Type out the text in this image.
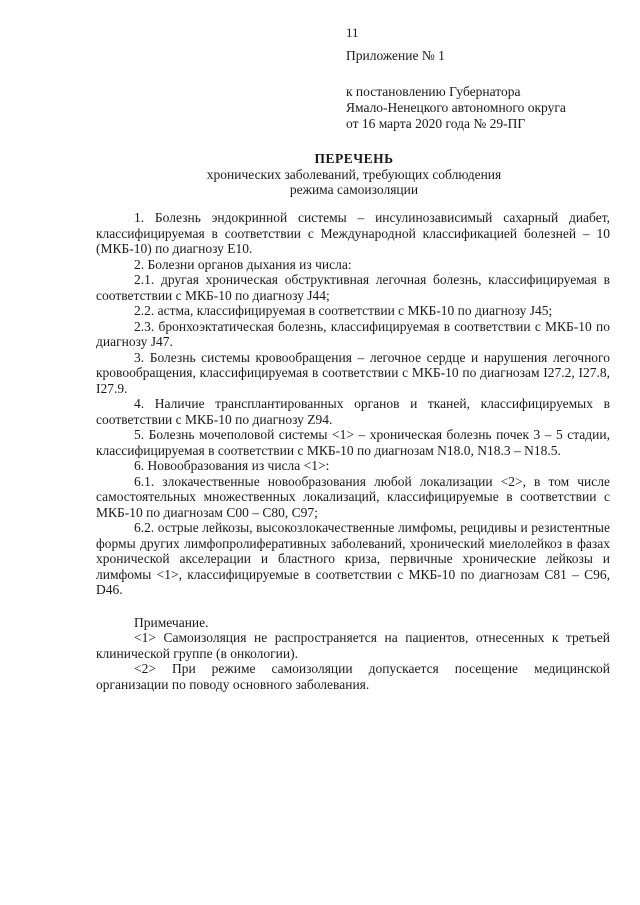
11
Приложение № 1
к постановлению Губернатора
Ямало-Ненецкого автономного округа
от 16 марта 2020 года № 29-ПГ
ПЕРЕЧЕНЬ
хронических заболеваний, требующих соблюдения
режима самоизоляции

1. Болезнь эндокринной системы – инсулинозависимый сахарный диабет, классифицируемая в соответствии с Международной классификацией болезней – 10 (МКБ-10) по диагнозу E10.

2. Болезни органов дыхания из числа:

2.1. другая хроническая обструктивная легочная болезнь, классифицируемая в соответствии с МКБ-10 по диагнозу J44;

2.2. астма, классифицируемая в соответствии с МКБ-10 по диагнозу J45;

2.3. бронхоэктатическая болезнь, классифицируемая в соответствии с МКБ-10 по диагнозу J47.

3. Болезнь системы кровообращения – легочное сердце и нарушения легочного кровообращения, классифицируемая в соответствии с МКБ-10 по диагнозам I27.2, I27.8, I27.9.

4. Наличие трансплантированных органов и тканей, классифицируемых в соответствии с МКБ-10 по диагнозу Z94.

5. Болезнь мочеполовой системы <1> – хроническая болезнь почек 3 – 5 стадии, классифицируемая в соответствии с МКБ-10 по диагнозам N18.0, N18.3 – N18.5.

6. Новообразования из числа <1>:

6.1. злокачественные новообразования любой локализации <2>, в том числе самостоятельных множественных локализаций, классифицируемые в соответствии с МКБ-10 по диагнозам C00 – C80, C97;

6.2. острые лейкозы, высокозлокачественные лимфомы, рецидивы и резистентные формы других лимфопролиферативных заболеваний, хронический миелолейкоз в фазах хронической акселерации и бластного криза, первичные хронические лейкозы и лимфомы <1>, классифицируемые в соответствии с МКБ-10 по диагнозам C81 – C96, D46.

Примечание.

<1> Самоизоляция не распространяется на пациентов, отнесенных к третьей клинической группе (в онкологии).

<2> При режиме самоизоляции допускается посещение медицинской организации по поводу основного заболевания.
